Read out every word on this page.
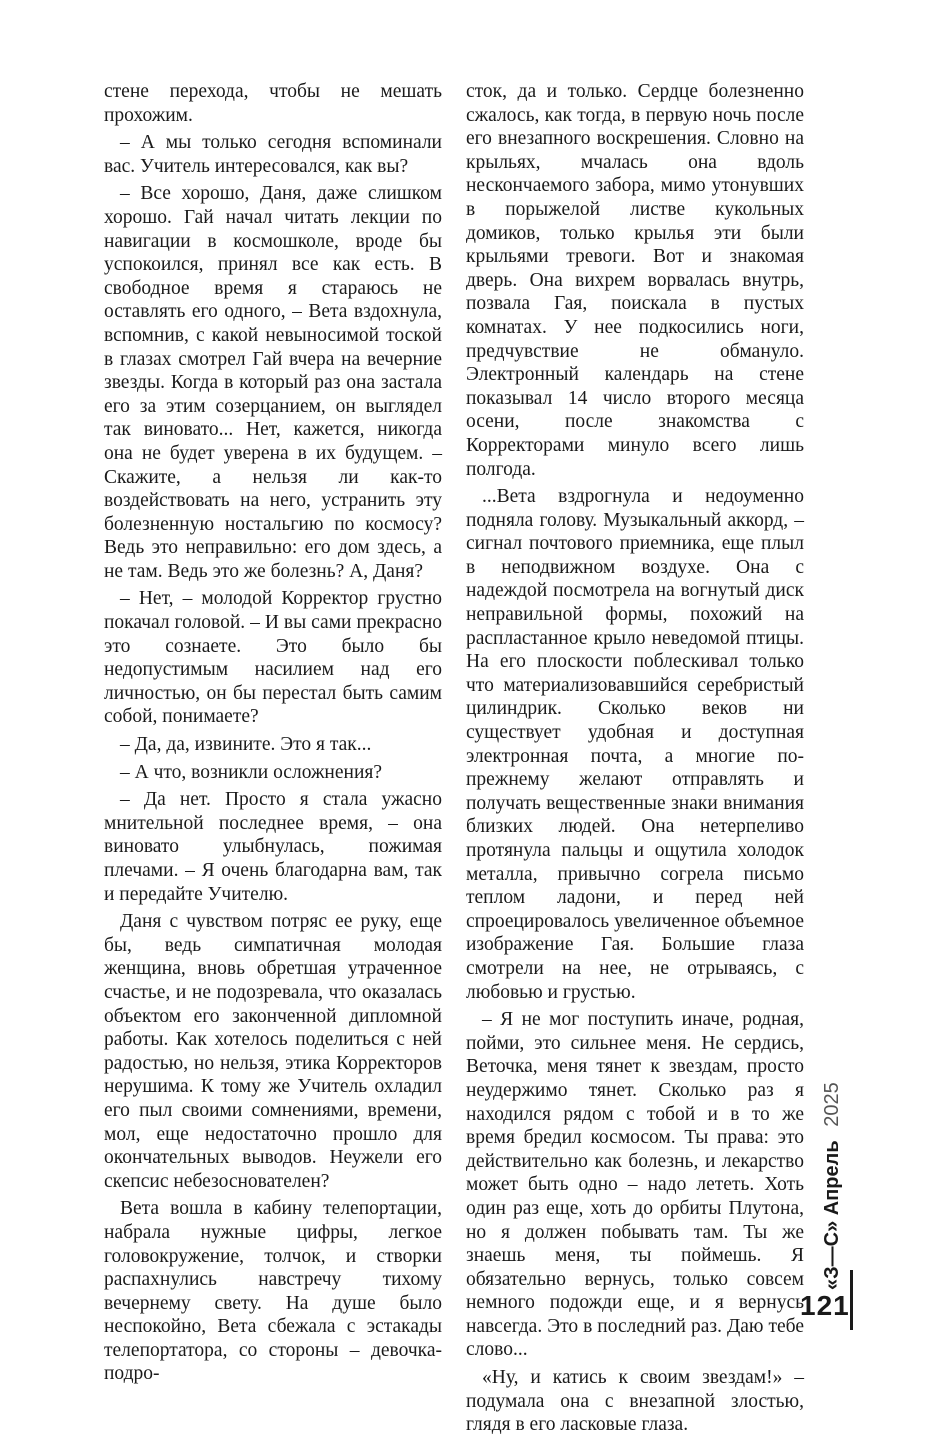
стене перехода, чтобы не мешать прохожим.

– А мы только сегодня вспоминали вас. Учитель интересовался, как вы?

– Все хорошо, Даня, даже слишком хорошо. Гай начал читать лекции по навигации в космошколе, вроде бы успокоился, принял все как есть. В свободное время я стараюсь не оставлять его одного, – Вета вздохнула, вспомнив, с какой невыносимой тоской в глазах смотрел Гай вчера на вечерние звезды. Когда в который раз она застала его за этим созерцанием, он выглядел так виновато... Нет, кажется, никогда она не будет уверена в их будущем. – Скажите, а нельзя ли как-то воздействовать на него, устранить эту болезненную ностальгию по космосу? Ведь это неправильно: его дом здесь, а не там. Ведь это же болезнь? А, Даня?

– Нет, – молодой Корректор грустно покачал головой. – И вы сами прекрасно это сознаете. Это было бы недопустимым насилием над его личностью, он бы перестал быть самим собой, понимаете?

– Да, да, извините. Это я так...

– А что, возникли осложнения?

– Да нет. Просто я стала ужасно мнительной последнее время, – она виновато улыбнулась, пожимая плечами. – Я очень благодарна вам, так и передайте Учителю.

Даня с чувством потряс ее руку, еще бы, ведь симпатичная молодая женщина, вновь обретшая утраченное счастье, и не подозревала, что оказалась объектом его законченной дипломной работы. Как хотелось поделиться с ней радостью, но нельзя, этика Корректоров нерушима. К тому же Учитель охладил его пыл своими сомнениями, времени, мол, еще недостаточно прошло для окончательных выводов. Неужели его скепсис небезоснователен?

Вета вошла в кабину телепортации, набрала нужные цифры, легкое головокружение, толчок, и створки распахнулись навстречу тихому вечернему свету. На душе было неспокойно, Вета сбежала с эстакады телепортатора, со стороны – девочка-подро-

сток, да и только. Сердце болезненно сжалось, как тогда, в первую ночь после его внезапного воскрешения. Словно на крыльях, мчалась она вдоль нескончаемого забора, мимо утонувших в порыжелой листве кукольных домиков, только крылья эти были крыльями тревоги. Вот и знакомая дверь. Она вихрем ворвалась внутрь, позвала Гая, поискала в пустых комнатах. У нее подкосились ноги, предчувствие не обмануло. Электронный календарь на стене показывал 14 число второго месяца осени, после знакомства с Корректорами минуло всего лишь полгода.

...Вета вздрогнула и недоуменно подняла голову. Музыкальный аккорд, – сигнал почтового приемника, еще плыл в неподвижном воздухе. Она с надеждой посмотрела на вогнутый диск неправильной формы, похожий на распластанное крыло неведомой птицы. На его плоскости поблескивал только что материализовавшийся серебристый цилиндрик. Сколько веков ни существует удобная и доступная электронная почта, а многие по-прежнему желают отправлять и получать вещественные знаки внимания близких людей. Она нетерпеливо протянула пальцы и ощутила холодок металла, привычно согрела письмо теплом ладони, и перед ней спроецировалось увеличенное объемное изображение Гая. Большие глаза смотрели на нее, не отрываясь, с любовью и грустью.

– Я не мог поступить иначе, родная, пойми, это сильнее меня. Не сердись, Веточка, меня тянет к звездам, просто неудержимо тянет. Сколько раз я находился рядом с тобой и в то же время бредил космосом. Ты права: это действительно как болезнь, и лекарство может быть одно – надо лететь. Хоть один раз еще, хоть до орбиты Плутона, но я должен побывать там. Ты же знаешь меня, ты поймешь. Я обязательно вернусь, только совсем немного подожди еще, и я вернусь навсегда. Это в последний раз. Даю тебе слово...

«Ну, и катись к своим звездам!» – подумала она с внезапной злостью, глядя в его ласковые глаза.

«З—С» Апрель 2025
121
